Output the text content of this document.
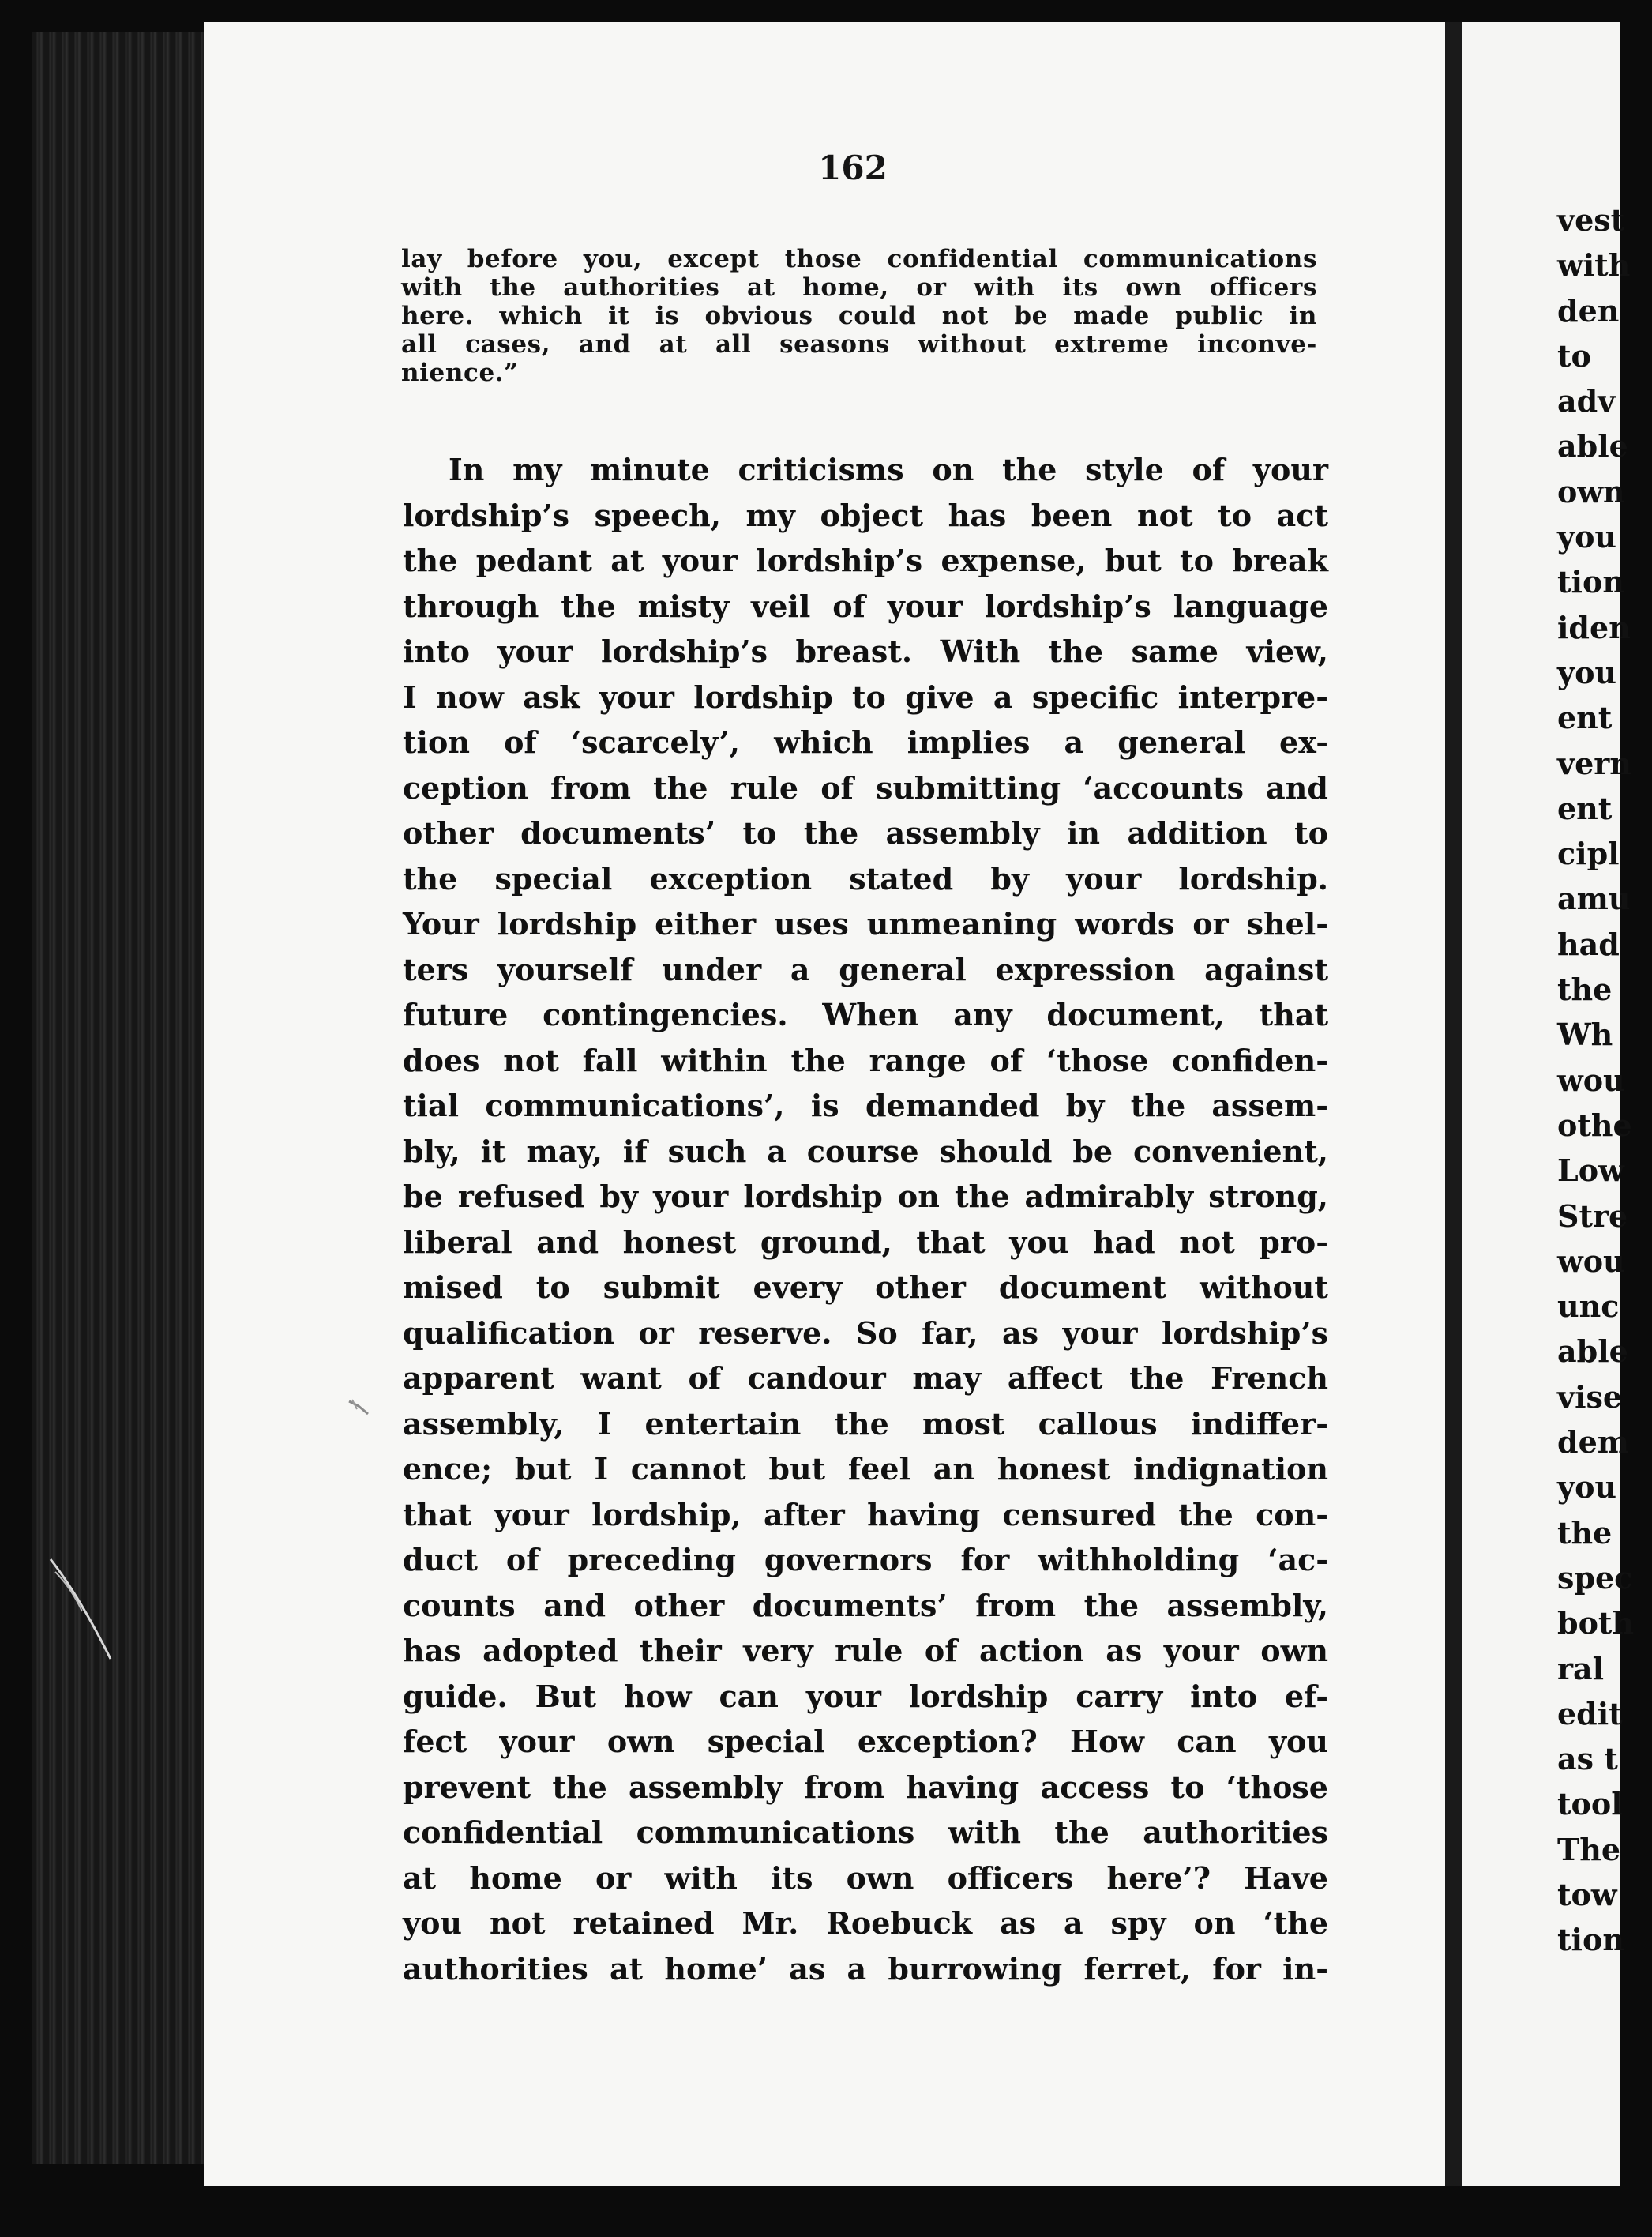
162
lay before you, except those confidential communications
with the authorities at home, or with its own officers
here. which it is obvious could not be made public in
all cases, and at all seasons without extreme inconve-
nience.”
In my minute criticisms on the style of your
lordship’s speech, my object has been not to act
the pedant at your lordship’s expense, but to break
through the misty veil of your lordship’s language
into your lordship’s breast. With the same view,
I now ask your lordship to give a specific interpre-
tion of ‘scarcely’, which implies a general ex-
ception from the rule of submitting ‘accounts and
other documents’ to the assembly in addition to
the special exception stated by your lordship.
Your lordship either uses unmeaning words or shel-
ters yourself under a general expression against
future contingencies. When any document, that
does not fall within the range of ‘those confiden-
tial communications’, is demanded by the assem-
bly, it may, if such a course should be convenient,
be refused by your lordship on the admirably strong,
liberal and honest ground, that you had not pro-
mised to submit every other document without
qualification or reserve. So far, as your lordship’s
apparent want of candour may affect the French
assembly, I entertain the most callous indiffer-
ence; but I cannot but feel an honest indignation
that your lordship, after having censured the con-
duct of preceding governors for withholding ‘ac-
counts and other documents’ from the assembly,
has adopted their very rule of action as your own
guide. But how can your lordship carry into ef-
fect your own special exception? How can you
prevent the assembly from having access to ‘those
confidential communications with the authorities
at home or with its own officers here’? Have
you not retained Mr. Roebuck as a spy on ‘the
authorities at home’ as a burrowing ferret, for in-
vest
with
den
to
adv
able
own
you
tion
iden
you
ent
vern
ent
cipl
amu
had
the
Wh
wou
othe
Low
Stre
wou
unc
able
vise
dem
you
the
spec
both
ral
edit
as t
tool
The
tow
tion
